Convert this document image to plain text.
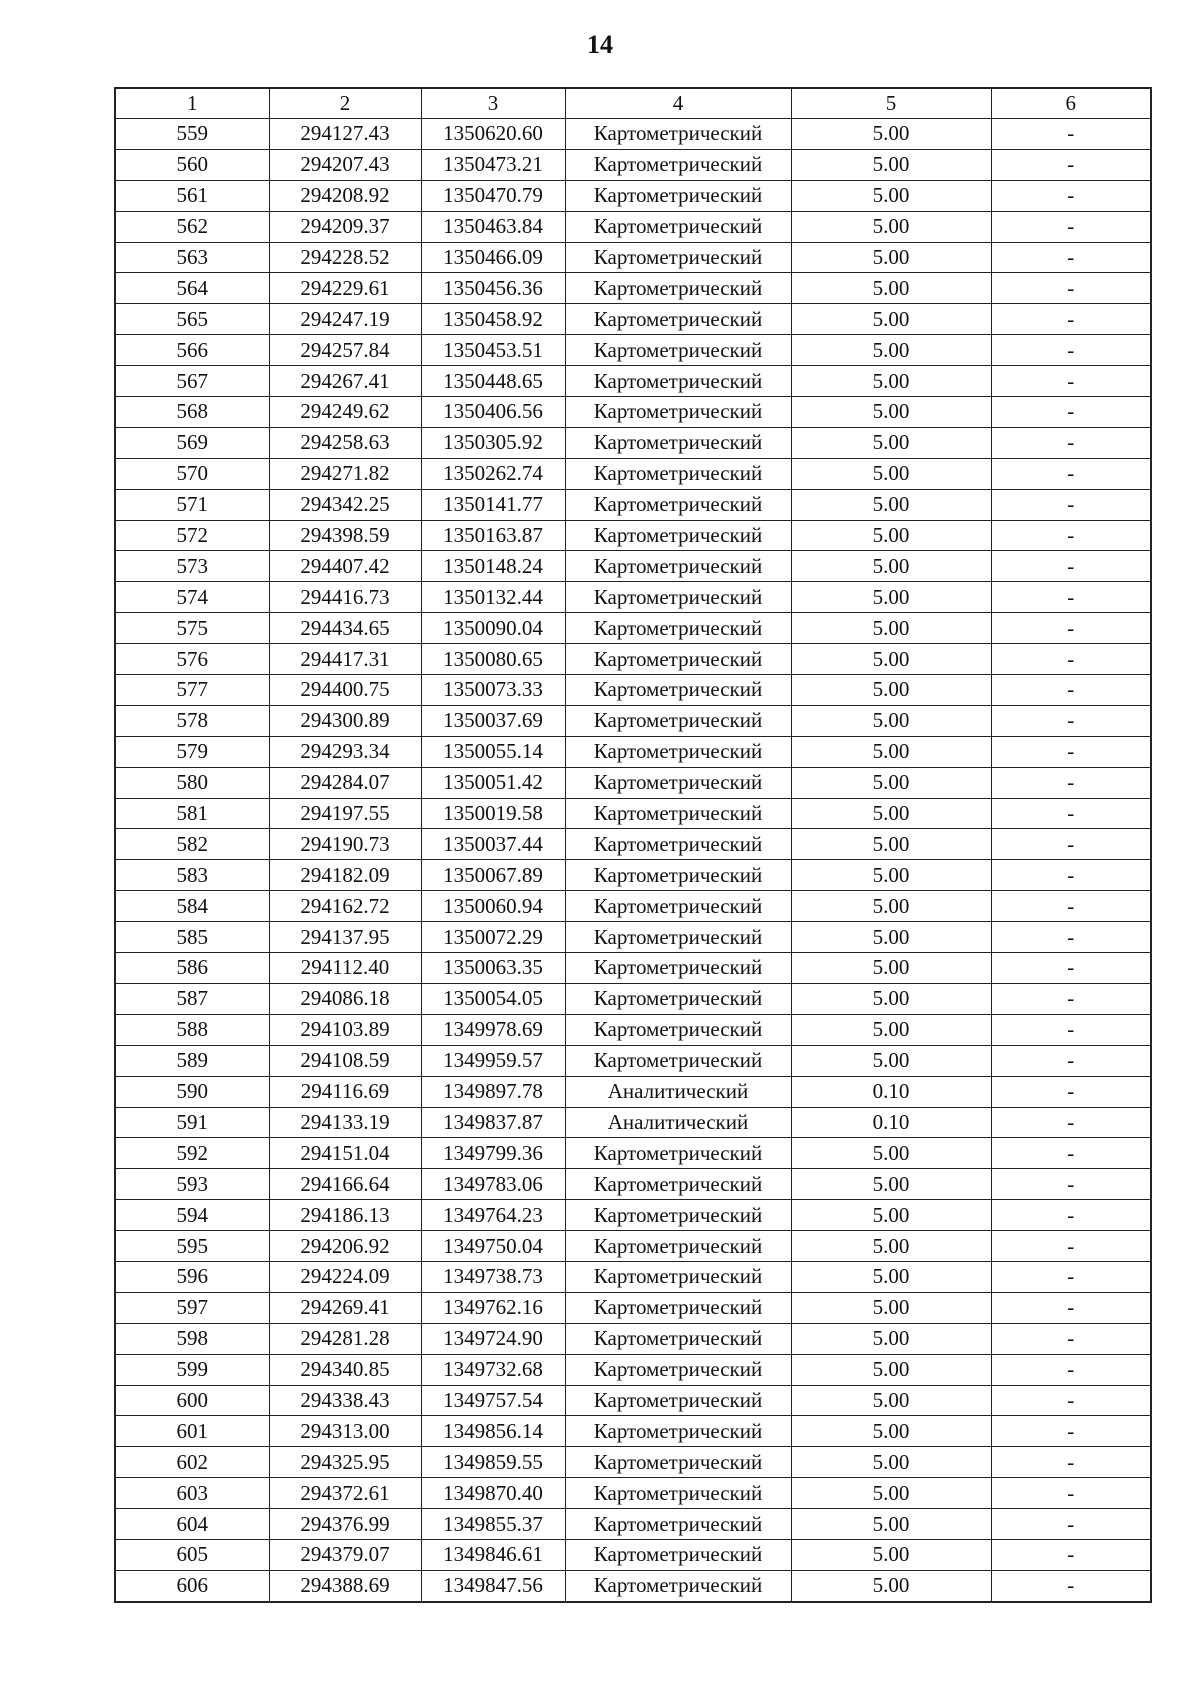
14
1	2	3	4	5	6
559	294127.43	1350620.60	Картометрический	5.00	-
560	294207.43	1350473.21	Картометрический	5.00	-
561	294208.92	1350470.79	Картометрический	5.00	-
562	294209.37	1350463.84	Картометрический	5.00	-
563	294228.52	1350466.09	Картометрический	5.00	-
564	294229.61	1350456.36	Картометрический	5.00	-
565	294247.19	1350458.92	Картометрический	5.00	-
566	294257.84	1350453.51	Картометрический	5.00	-
567	294267.41	1350448.65	Картометрический	5.00	-
568	294249.62	1350406.56	Картометрический	5.00	-
569	294258.63	1350305.92	Картометрический	5.00	-
570	294271.82	1350262.74	Картометрический	5.00	-
571	294342.25	1350141.77	Картометрический	5.00	-
572	294398.59	1350163.87	Картометрический	5.00	-
573	294407.42	1350148.24	Картометрический	5.00	-
574	294416.73	1350132.44	Картометрический	5.00	-
575	294434.65	1350090.04	Картометрический	5.00	-
576	294417.31	1350080.65	Картометрический	5.00	-
577	294400.75	1350073.33	Картометрический	5.00	-
578	294300.89	1350037.69	Картометрический	5.00	-
579	294293.34	1350055.14	Картометрический	5.00	-
580	294284.07	1350051.42	Картометрический	5.00	-
581	294197.55	1350019.58	Картометрический	5.00	-
582	294190.73	1350037.44	Картометрический	5.00	-
583	294182.09	1350067.89	Картометрический	5.00	-
584	294162.72	1350060.94	Картометрический	5.00	-
585	294137.95	1350072.29	Картометрический	5.00	-
586	294112.40	1350063.35	Картометрический	5.00	-
587	294086.18	1350054.05	Картометрический	5.00	-
588	294103.89	1349978.69	Картометрический	5.00	-
589	294108.59	1349959.57	Картометрический	5.00	-
590	294116.69	1349897.78	Аналитический	0.10	-
591	294133.19	1349837.87	Аналитический	0.10	-
592	294151.04	1349799.36	Картометрический	5.00	-
593	294166.64	1349783.06	Картометрический	5.00	-
594	294186.13	1349764.23	Картометрический	5.00	-
595	294206.92	1349750.04	Картометрический	5.00	-
596	294224.09	1349738.73	Картометрический	5.00	-
597	294269.41	1349762.16	Картометрический	5.00	-
598	294281.28	1349724.90	Картометрический	5.00	-
599	294340.85	1349732.68	Картометрический	5.00	-
600	294338.43	1349757.54	Картометрический	5.00	-
601	294313.00	1349856.14	Картометрический	5.00	-
602	294325.95	1349859.55	Картометрический	5.00	-
603	294372.61	1349870.40	Картометрический	5.00	-
604	294376.99	1349855.37	Картометрический	5.00	-
605	294379.07	1349846.61	Картометрический	5.00	-
606	294388.69	1349847.56	Картометрический	5.00	-
